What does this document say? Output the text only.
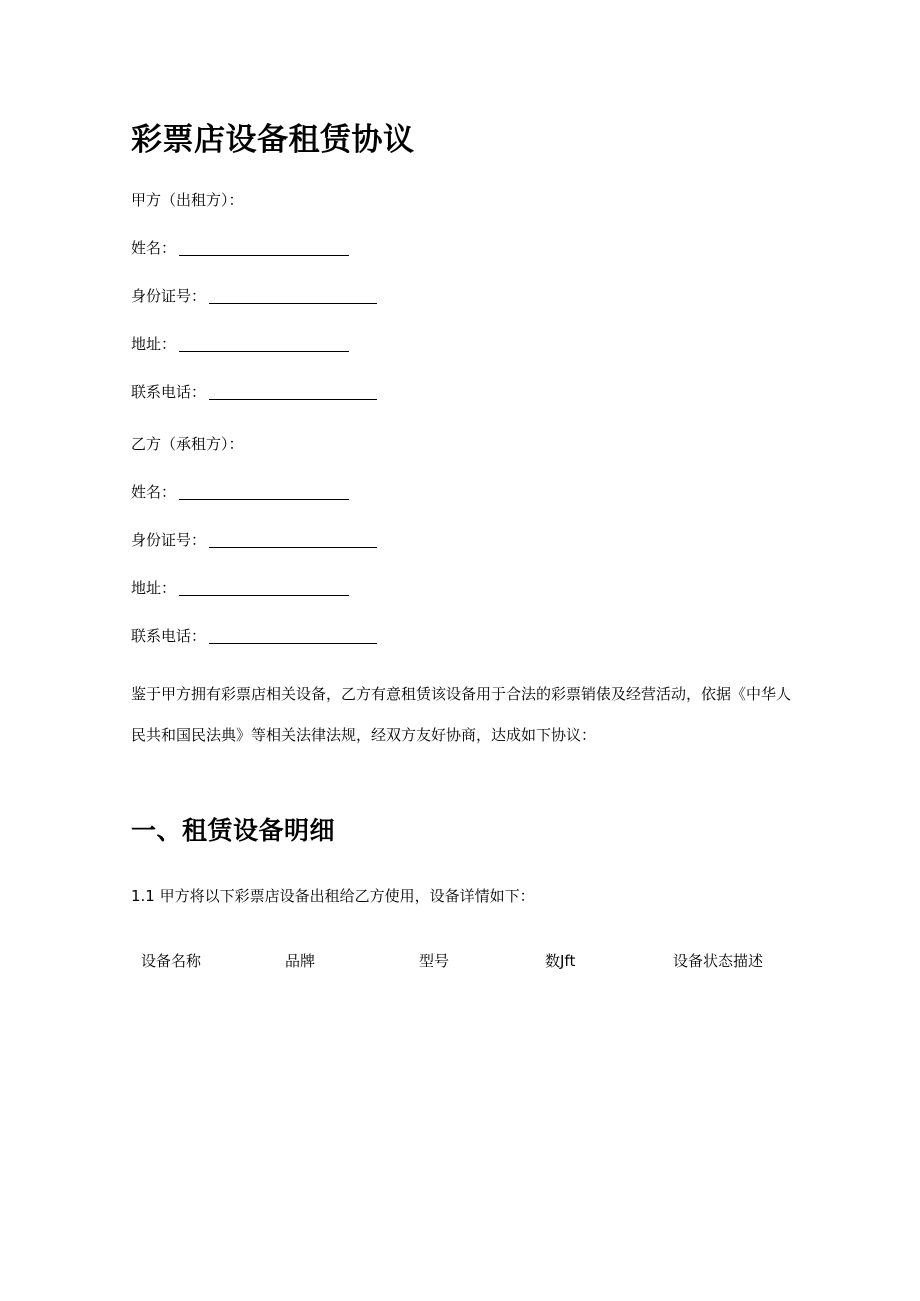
彩票店设备租赁协议

甲方（出租方）：

姓名：
身份证号：
地址：
联系电话：

乙方（承租方）：

姓名：
身份证号：
地址：
联系电话：

鉴于甲方拥有彩票店相关设备，乙方有意租赁该设备用于合法的彩票销俵及经营活动，依据《中华人民共和国民法典》等相关法律法规，经双方友好协商，达成如下协议：

一、租赁设备明细

1.1 甲方将以下彩票店设备出租给乙方使用，设备详情如下：

设备名称	品牌	型号	数Jft	设备状态描述
